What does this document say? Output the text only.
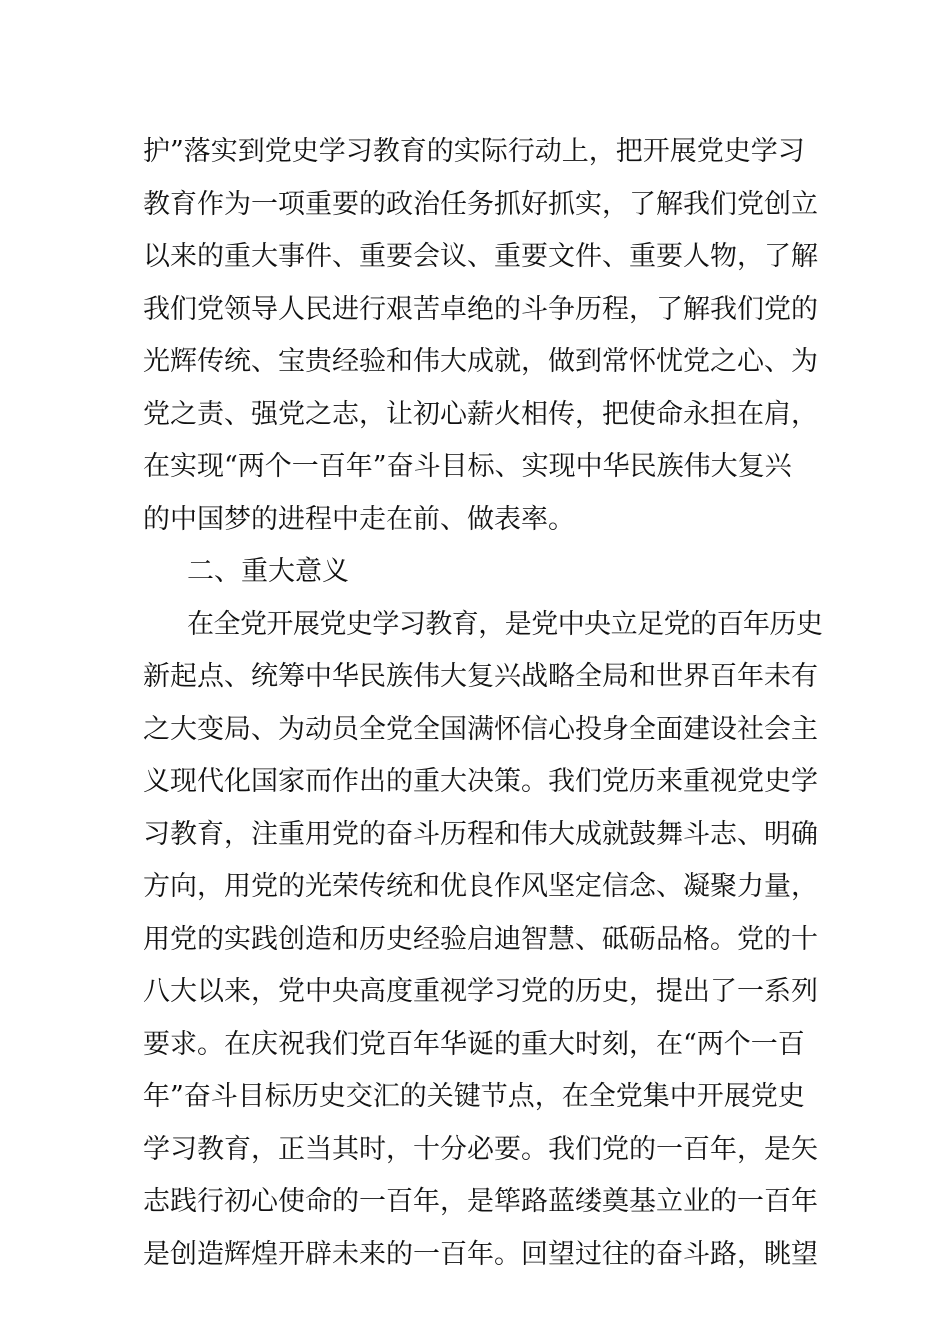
护”落实到党史学习教育的实际行动上，把开展党史学习
教育作为一项重要的政治任务抓好抓实，了解我们党创立
以来的重大事件、重要会议、重要文件、重要人物，了解
我们党领导人民进行艰苦卓绝的斗争历程，了解我们党的
光辉传统、宝贵经验和伟大成就，做到常怀忧党之心、为
党之责、强党之志，让初心薪火相传，把使命永担在肩，
在实现“两个一百年”奋斗目标、实现中华民族伟大复兴
的中国梦的进程中走在前、做表率。
二、重大意义
在全党开展党史学习教育，是党中央立足党的百年历史
新起点、统筹中华民族伟大复兴战略全局和世界百年未有
之大变局、为动员全党全国满怀信心投身全面建设社会主
义现代化国家而作出的重大决策。我们党历来重视党史学
习教育，注重用党的奋斗历程和伟大成就鼓舞斗志、明确
方向，用党的光荣传统和优良作风坚定信念、凝聚力量，
用党的实践创造和历史经验启迪智慧、砥砺品格。党的十
八大以来，党中央高度重视学习党的历史，提出了一系列
要求。在庆祝我们党百年华诞的重大时刻，在“两个一百
年”奋斗目标历史交汇的关键节点，在全党集中开展党史
学习教育，正当其时，十分必要。我们党的一百年，是矢
志践行初心使命的一百年，是筚路蓝缕奠基立业的一百年
是创造辉煌开辟未来的一百年。回望过往的奋斗路，眺望
